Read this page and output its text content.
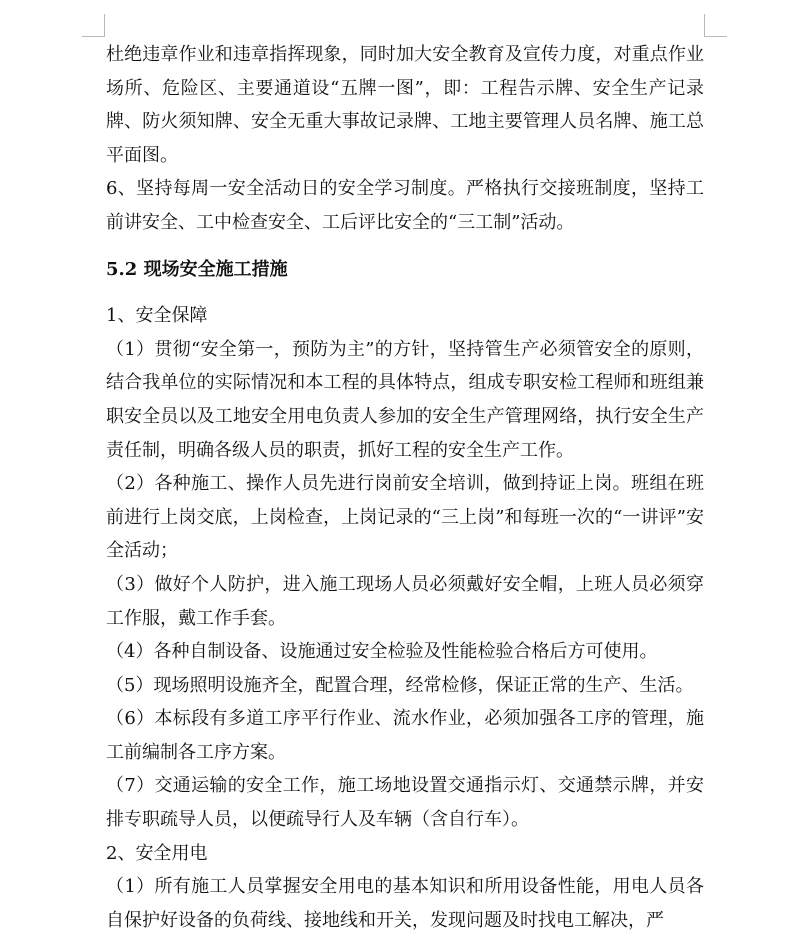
杜绝违章作业和违章指挥现象，同时加大安全教育及宣传力度，对重点作业场所、危险区、主要通道设“五牌一图”，即：工程告示牌、安全生产记录牌、防火须知牌、安全无重大事故记录牌、工地主要管理人员名牌、施工总平面图。

6、坚持每周一安全活动日的安全学习制度。严格执行交接班制度，坚持工前讲安全、工中检查安全、工后评比安全的“三工制”活动。

5.2 现场安全施工措施

1、安全保障

（1）贯彻“安全第一，预防为主”的方针，坚持管生产必须管安全的原则，结合我单位的实际情况和本工程的具体特点，组成专职安检工程师和班组兼职安全员以及工地安全用电负责人参加的安全生产管理网络，执行安全生产责任制，明确各级人员的职责，抓好工程的安全生产工作。

（2）各种施工、操作人员先进行岗前安全培训，做到持证上岗。班组在班前进行上岗交底，上岗检查，上岗记录的“三上岗”和每班一次的“一讲评”安全活动；

（3）做好个人防护，进入施工现场人员必须戴好安全帽，上班人员必须穿工作服，戴工作手套。

（4）各种自制设备、设施通过安全检验及性能检验合格后方可使用。

（5）现场照明设施齐全，配置合理，经常检修，保证正常的生产、生活。

（6）本标段有多道工序平行作业、流水作业，必须加强各工序的管理，施工前编制各工序方案。

（7）交通运输的安全工作，施工场地设置交通指示灯、交通禁示牌，并安排专职疏导人员，以便疏导行人及车辆（含自行车）。

2、安全用电

（1）所有施工人员掌握安全用电的基本知识和所用设备性能，用电人员各自保护好设备的负荷线、接地线和开关，发现问题及时找电工解决，严
